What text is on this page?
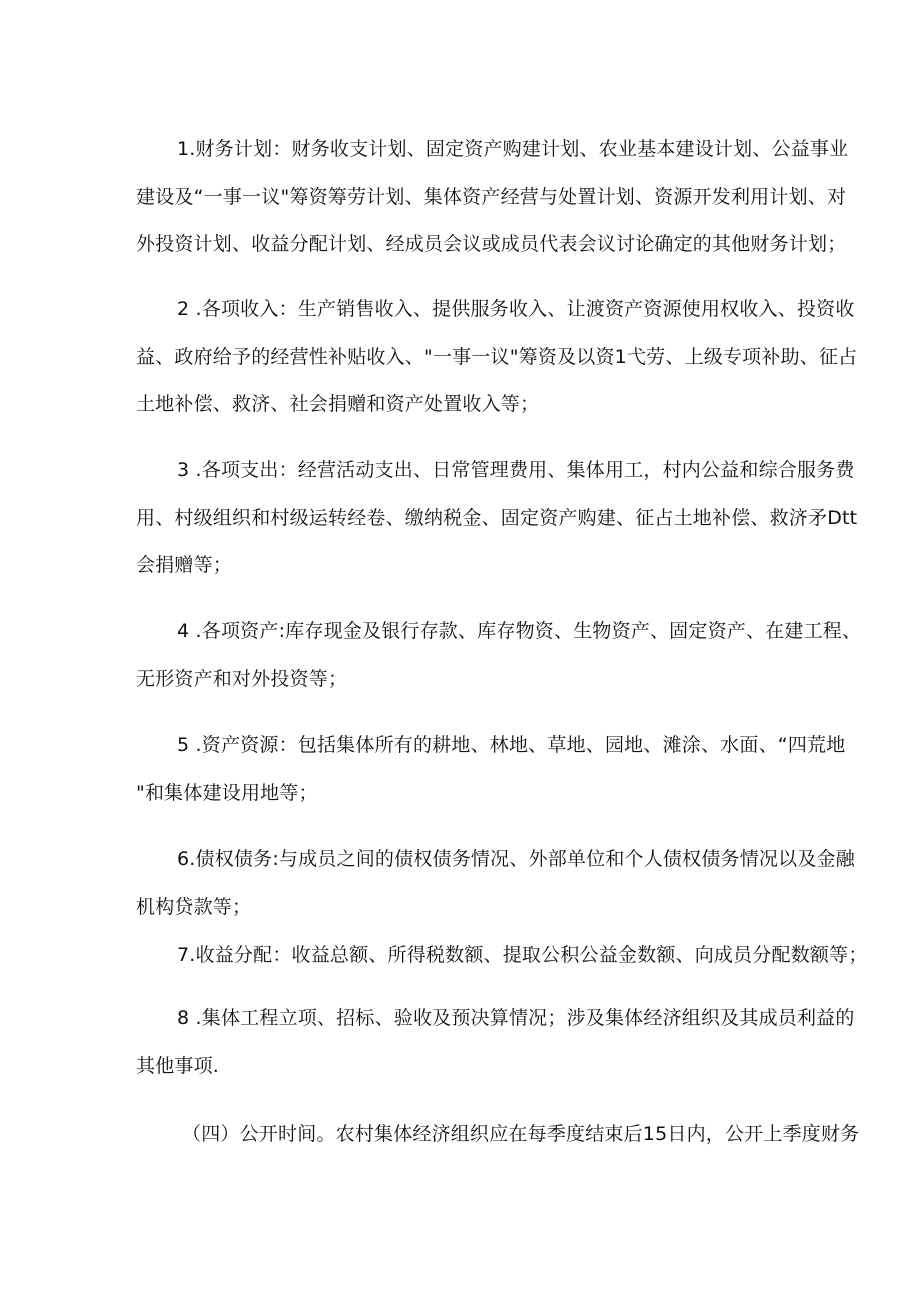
1.财务计划：财务收支计划、固定资产购建计划、农业基本建设计划、公益事业
建设及“一事一议"筹资筹劳计划、集体资产经营与处置计划、资源开发利用计划、对
外投资计划、收益分配计划、经成员会议或成员代表会议讨论确定的其他财务计划；
2 .各项收入：生产销售收入、提供服务收入、让渡资产资源使用权收入、投资收
益、政府给予的经营性补贴收入、"一事一议"筹资及以资1弋劳、上级专项补助、征占
土地补偿、救济、社会捐赠和资产处置收入等；
3 .各项支出：经营活动支出、日常管理费用、集体用工，村内公益和综合服务费
用、村级组织和村级运转经卷、缴纳税金、固定资产购建、征占土地补偿、救济矛Dtt
会捐赠等；
4 .各项资产:库存现金及银行存款、库存物资、生物资产、固定资产、在建工程、
无形资产和对外投资等；
5 .资产资源：包括集体所有的耕地、林地、草地、园地、滩涂、水面、“四荒地
"和集体建设用地等；
6.债权债务:与成员之间的债权债务情况、外部单位和个人债权债务情况以及金融
机构贷款等；
7.收益分配：收益总额、所得税数额、提取公积公益金数额、向成员分配数额等；
8 .集体工程立项、招标、验收及预决算情况；涉及集体经济组织及其成员利益的
其他事项.
（四）公开时间。农村集体经济组织应在每季度结束后15日内，公开上季度财务
